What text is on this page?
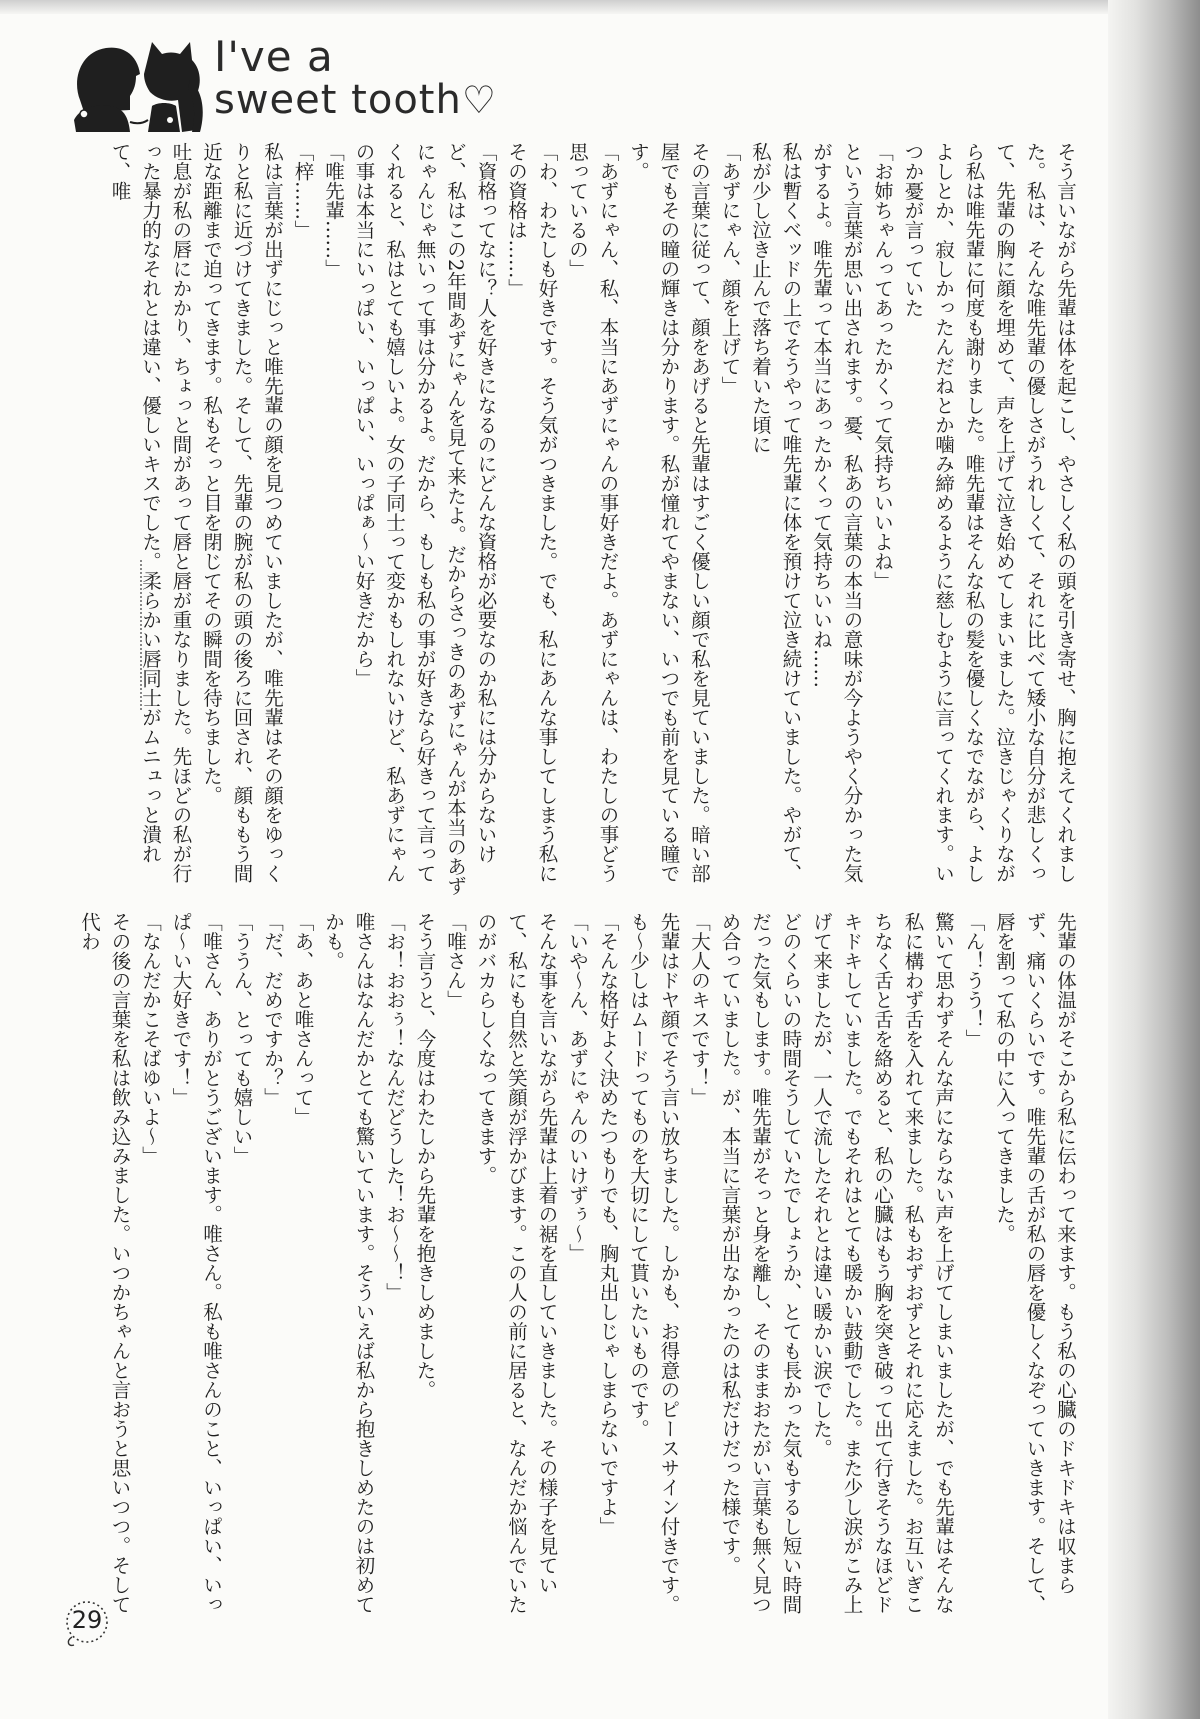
I've a
sweet tooth♡

そう言いながら先輩は体を起こし、やさしく私の頭を引き寄せ、胸に抱えてくれました。私は、そんな唯先輩の優しさがうれしくて、それに比べて矮小な自分が悲しくって、先輩の胸に顔を埋めて、声を上げて泣き始めてしまいました。泣きじゃくりながら私は唯先輩に何度も謝りました。唯先輩はそんな私の髪を優しくなでながら、よしよしとか、寂しかったんだねとか噛み締めるように慈しむように言ってくれます。いつか憂が言っていた

「お姉ちゃんってあったかくって気持ちいいよね」

という言葉が思い出されます。憂、私あの言葉の本当の意味が今ようやく分かった気がするよ。唯先輩って本当にあったかくって気持ちいいね……

私は暫くベッドの上でそうやって唯先輩に体を預けて泣き続けていました。やがて、私が少し泣き止んで落ち着いた頃に

「あずにゃん、顔を上げて」

その言葉に従って、顔をあげると先輩はすごく優しい顔で私を見ていました。暗い部屋でもその瞳の輝きは分かります。私が憧れてやまない、いつでも前を見ている瞳です。

「あずにゃん、私、本当にあずにゃんの事好きだよ。あずにゃんは、わたしの事どう思っているの」

「わ、わたしも好きです。そう気がつきました。でも、私にあんな事してしまう私にその資格は……」

「資格ってなに？人を好きになるのにどんな資格が必要なのか私には分からないけど、私はこの2年間あずにゃんを見て来たよ。だからさっきのあずにゃんが本当のあずにゃんじゃ無いって事は分かるよ。だから、もしも私の事が好きなら好きって言ってくれると、私はとても嬉しいよ。女の子同士って変かもしれないけど、私あずにゃんの事は本当にいっぱい、いっぱい、いっぱぁ〜い好きだから」

「唯先輩……」

「梓……」

私は言葉が出ずにじっと唯先輩の顔を見つめていましたが、唯先輩はその顔をゆっくりと私に近づけてきました。そして、先輩の腕が私の頭の後ろに回され、顔ももう間近な距離まで迫ってきます。私もそっと目を閉じてその瞬間を待ちました。

吐息が私の唇にかかり、ちょっと間があって唇と唇が重なりました。先ほどの私が行った暴力的なそれとは違い、優しいキスでした。柔らかい唇同士がムニュっと潰れて、唯

先輩の体温がそこから私に伝わって来ます。もう私の心臓のドキドキは収まらず、痛いくらいです。唯先輩の舌が私の唇を優しくなぞっていきます。そして、唇を割って私の中に入ってきました。

「ん！うう！」

驚いて思わずそんな声にならない声を上げてしまいましたが、でも先輩はそんな私に構わず舌を入れて来ました。私もおずおずとそれに応えました。お互いぎこちなく舌と舌を絡めると、私の心臓はもう胸を突き破って出て行きそうなほどドキドキしていました。でもそれはとても暖かい鼓動でした。また少し涙がこみ上げて来ましたが、一人で流したそれとは違い暖かい涙でした。

どのくらいの時間そうしていたでしょうか、とても長かった気もするし短い時間だった気もします。唯先輩がそっと身を離し、そのままおたがい言葉も無く見つめ合っていました。が、本当に言葉が出なかったのは私だけだった様です。

「大人のキスです！」

先輩はドヤ顔でそう言い放ちました。しかも、お得意のピースサイン付きです。も〜少しはムードってものを大切にして貰いたいものです。

「そんな格好よく決めたつもりでも、胸丸出しじゃしまらないですよ」

「いや〜ん、あずにゃんのいけずぅ〜」

そんな事を言いながら先輩は上着の裾を直していきました。その様子を見ていて、私にも自然と笑顔が浮かびます。この人の前に居ると、なんだか悩んでいたのがバカらしくなってきます。

「唯さん」

そう言うと、今度はわたしから先輩を抱きしめました。

「お！おおぅ！なんだどうした！お〜〜！」

唯さんはなんだかとても驚いています。そういえば私から抱きしめたのは初めてかも。

「あ、あと唯さんって」

「だ、だめですか？」

「ううん、とっても嬉しい」

「唯さん、ありがとうございます。唯さん。私も唯さんのこと、いっぱい、いっぱ〜い大好きです！」

「なんだかこそばゆいよ〜」

その後の言葉を私は飲み込みました。いつかちゃんと言おうと思いつつ。そして代わ

29
